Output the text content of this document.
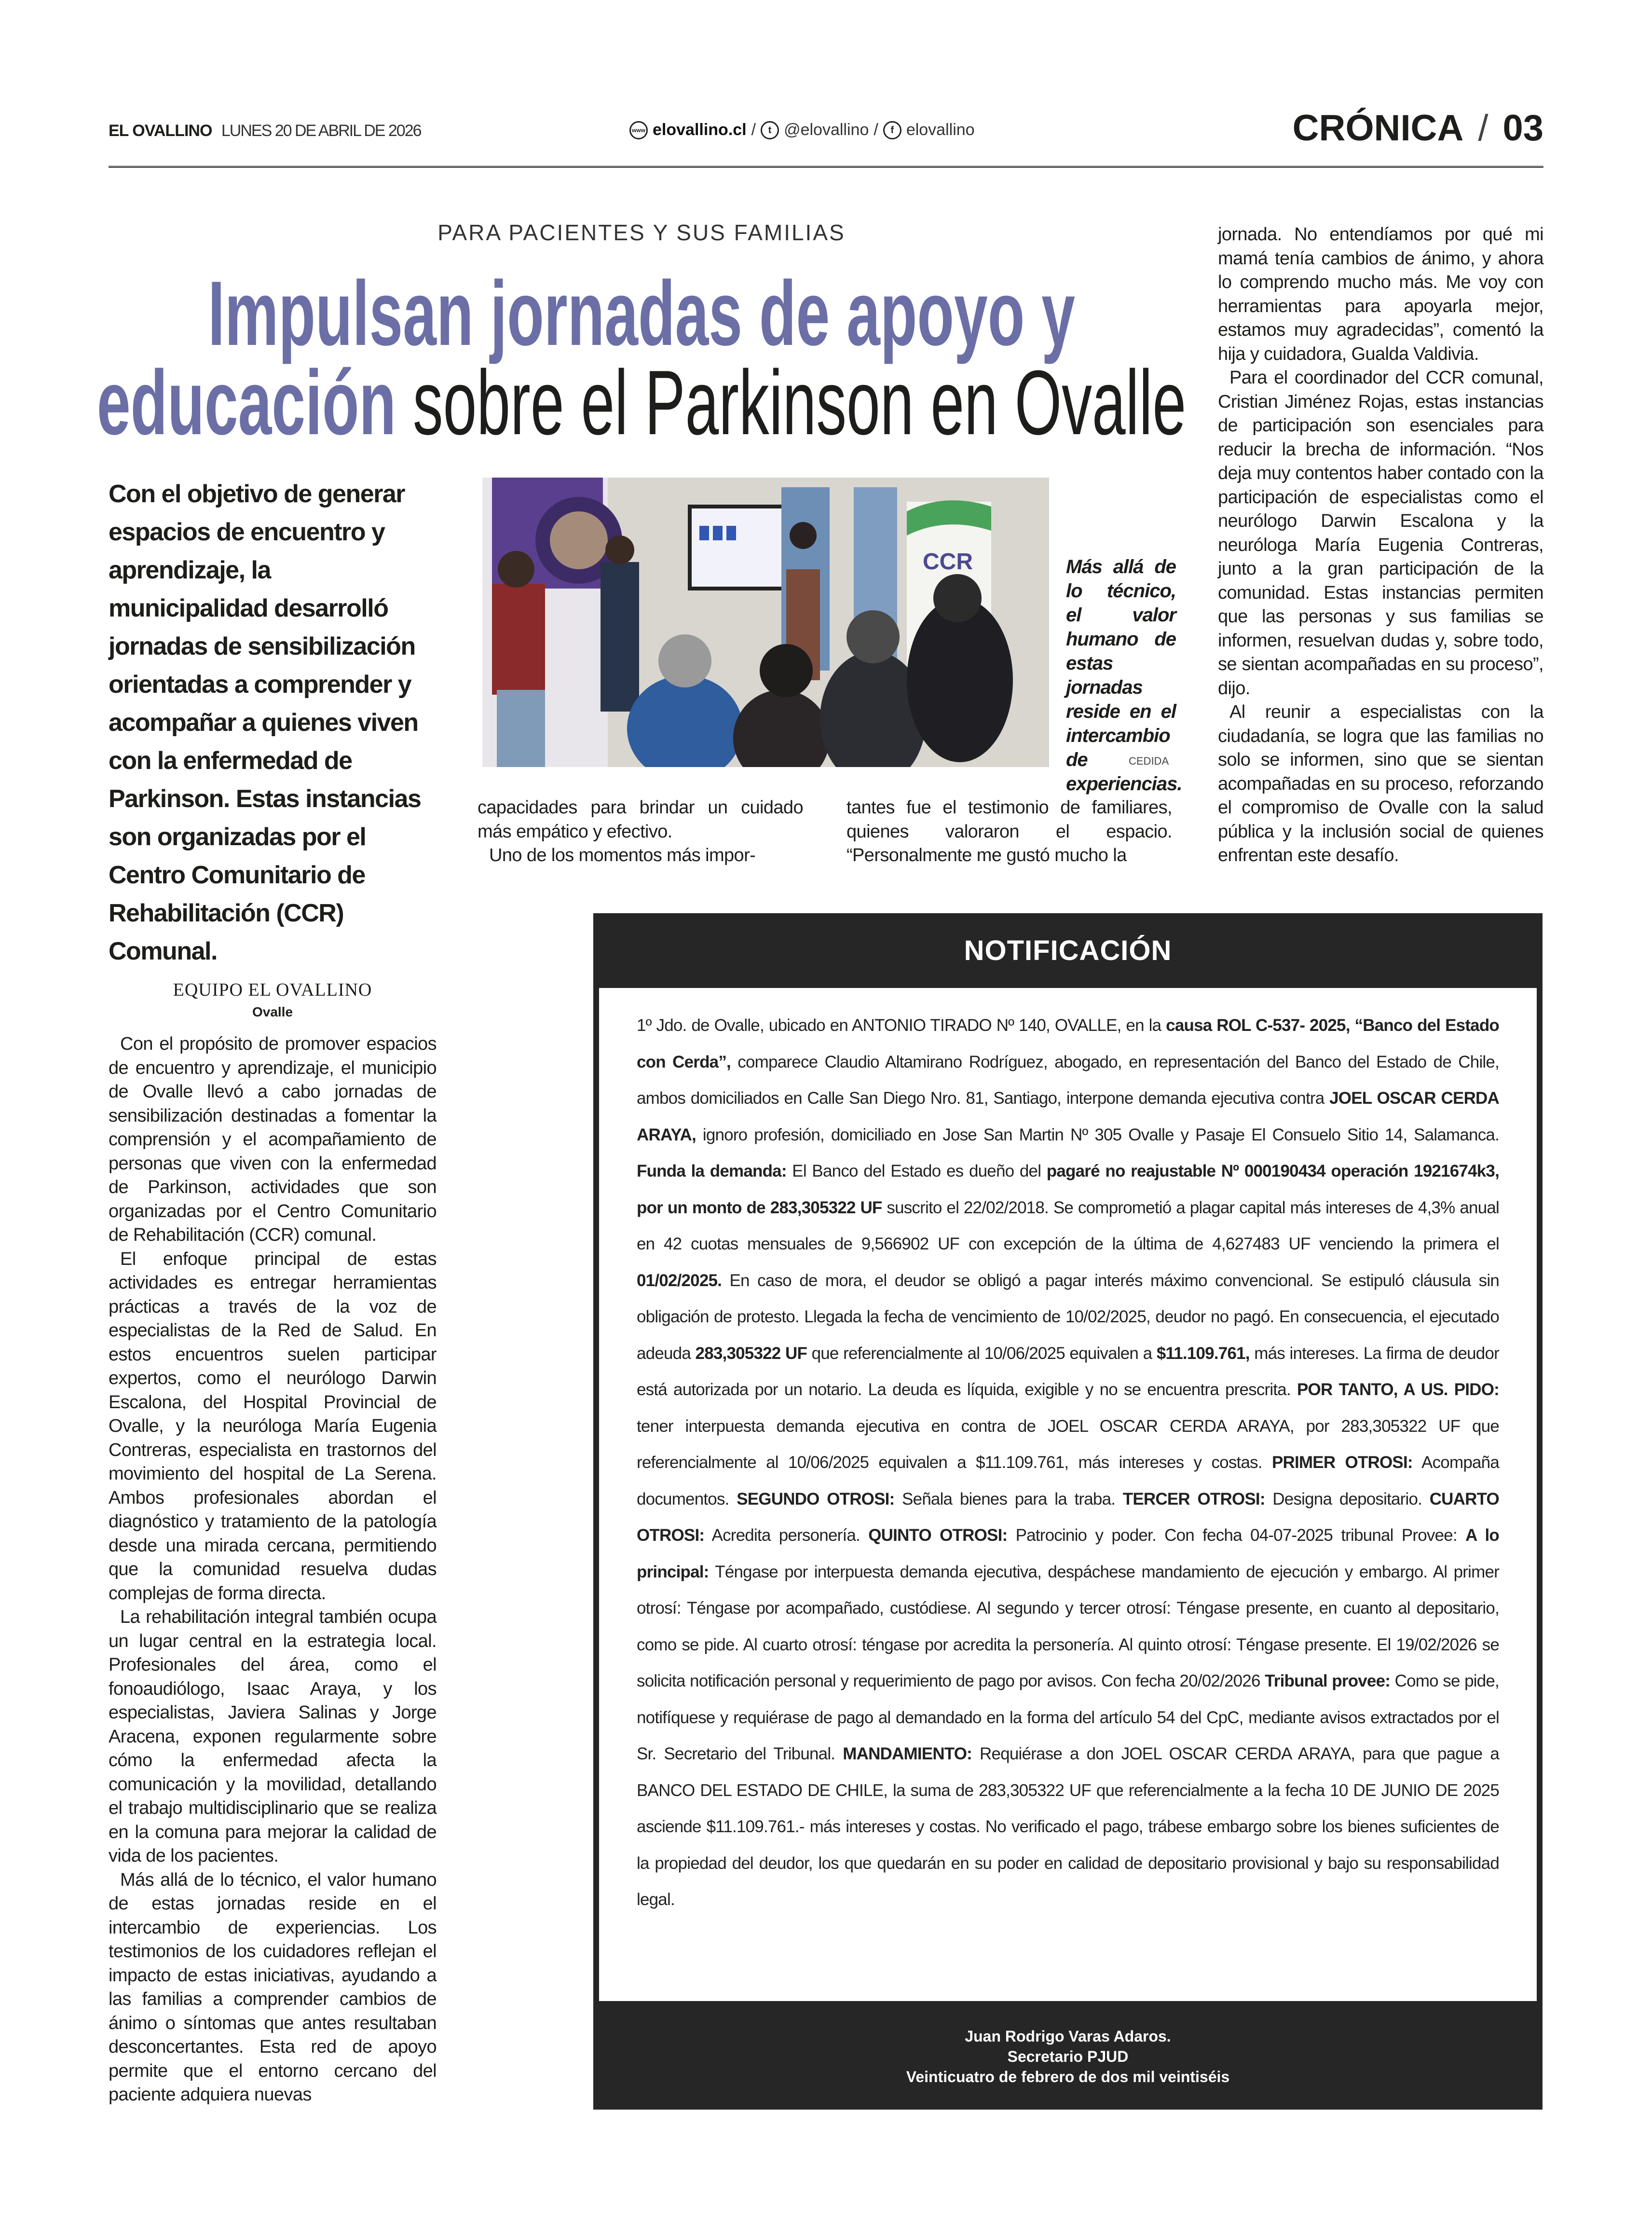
EL OVALLINO LUNES 20 DE ABRIL DE 2026	www elovallino.cl /	t @elovallino /	f elovallino	CRÓNICA / 03
PARA PACIENTES Y SUS FAMILIAS
Impulsan jornadas de apoyo y
educación sobre el Parkinson en Ovalle
Con el objetivo de generar espacios de encuentro y aprendizaje, la municipalidad desarrolló jornadas de sensibilización orientadas a comprender y acompañar a quienes viven con la enfermedad de Parkinson. Estas instancias son organizadas por el Centro Comunitario de Rehabilitación (CCR) Comunal.
CCR	Más allá de lo técnico, el valor humano de estas jornadas reside en el intercambio de experiencias.
CEDIDA

capacidades para brindar un cuidado más empático y efectivo.

Uno de los momentos más impor-

tantes fue el testimonio de familiares, quienes valoraron el espacio. “Personalmente me gustó mucho la

jornada. No entendíamos por qué mi mamá tenía cambios de ánimo, y ahora lo comprendo mucho más. Me voy con herramientas para apoyarla mejor, estamos muy agradecidas”, comentó la hija y cuidadora, Gualda Valdivia.

Para el coordinador del CCR comunal, Cristian Jiménez Rojas, estas instancias de participación son esenciales para reducir la brecha de información. “Nos deja muy contentos haber contado con la participación de especialistas como el neurólogo Darwin Escalona y la neuróloga María Eugenia Contreras, junto a la gran participación de la comunidad. Estas instancias permiten que las personas y sus familias se informen, resuelvan dudas y, sobre todo, se sientan acompañadas en su proceso”, dijo.

Al reunir a especialistas con la ciudadanía, se logra que las familias no solo se informen, sino que se sientan acompañadas en su proceso, reforzando el compromiso de Ovalle con la salud pública y la inclusión social de quienes enfrentan este desafío.

EQUIPO EL OVALLINO
Ovalle

Con el propósito de promover espacios de encuentro y aprendizaje, el municipio de Ovalle llevó a cabo jornadas de sensibilización destinadas a fomentar la comprensión y el acompañamiento de personas que viven con la enfermedad de Parkinson, actividades que son organizadas por el Centro Comunitario de Rehabilitación (CCR) comunal.

El enfoque principal de estas actividades es entregar herramientas prácticas a través de la voz de especialistas de la Red de Salud. En estos encuentros suelen participar expertos, como el neurólogo Darwin Escalona, del Hospital Provincial de Ovalle, y la neuróloga María Eugenia Contreras, especialista en trastornos del movimiento del hospital de La Serena. Ambos profesionales abordan el diagnóstico y tratamiento de la patología desde una mirada cercana, permitiendo que la comunidad resuelva dudas complejas de forma directa.

La rehabilitación integral también ocupa un lugar central en la estrategia local. Profesionales del área, como el fonoaudiólogo, Isaac Araya, y los especialistas, Javiera Salinas y Jorge Aracena, exponen regularmente sobre cómo la enfermedad afecta la comunicación y la movilidad, detallando el trabajo multidisciplinario que se realiza en la comuna para mejorar la calidad de vida de los pacientes.

Más allá de lo técnico, el valor humano de estas jornadas reside en el intercambio de experiencias. Los testimonios de los cuidadores reflejan el impacto de estas iniciativas, ayudando a las familias a comprender cambios de ánimo o síntomas que antes resultaban desconcertantes. Esta red de apoyo permite que el entorno cercano del paciente adquiera nuevas

NOTIFICACIÓN
1º Jdo. de Ovalle, ubicado en ANTONIO TIRADO Nº 140, OVALLE, en la causa ROL C-537- 2025, “Banco del Estado con Cerda”, comparece Claudio Altamirano Rodríguez, abogado, en representación del Banco del Estado de Chile, ambos domiciliados en Calle San Diego Nro. 81, Santiago, interpone demanda ejecutiva contra JOEL OSCAR CERDA ARAYA, ignoro profesión, domiciliado en Jose San Martin Nº 305 Ovalle y Pasaje El Consuelo Sitio 14, Salamanca. Funda la demanda: El Banco del Estado es dueño del pagaré no reajustable Nº 000190434 operación 1921674k3, por un monto de 283,305322 UF suscrito el 22/02/2018. Se comprometió a plagar capital más intereses de 4,3% anual en 42 cuotas mensuales de 9,566902 UF con excepción de la última de 4,627483 UF venciendo la primera el 01/02/2025. En caso de mora, el deudor se obligó a pagar interés máximo convencional. Se estipuló cláusula sin obligación de protesto. Llegada la fecha de vencimiento de 10/02/2025, deudor no pagó. En consecuencia, el ejecutado adeuda 283,305322 UF que referencialmente al 10/06/2025 equivalen a $11.109.761, más intereses. La firma de deudor está autorizada por un notario. La deuda es líquida, exigible y no se encuentra prescrita. POR TANTO, A US. PIDO: tener interpuesta demanda ejecutiva en contra de JOEL OSCAR CERDA ARAYA, por 283,305322 UF que referencialmente al 10/06/2025 equivalen a $11.109.761, más intereses y costas. PRIMER OTROSI: Acompaña documentos. SEGUNDO OTROSI: Señala bienes para la traba. TERCER OTROSI: Designa depositario. CUARTO OTROSI: Acredita personería. QUINTO OTROSI: Patrocinio y poder. Con fecha 04-07-2025 tribunal Provee: A lo principal: Téngase por interpuesta demanda ejecutiva, despáchese mandamiento de ejecución y embargo. Al primer otrosí: Téngase por acompañado, custódiese. Al segundo y tercer otrosí: Téngase presente, en cuanto al depositario, como se pide. Al cuarto otrosí: téngase por acredita la personería. Al quinto otrosí: Téngase presente. El 19/02/2026 se solicita notificación personal y requerimiento de pago por avisos. Con fecha 20/02/2026 Tribunal provee: Como se pide, notifíquese y requiérase de pago al demandado en la forma del artículo 54 del CpC, mediante avisos extractados por el Sr. Secretario del Tribunal. MANDAMIENTO: Requiérase a don JOEL OSCAR CERDA ARAYA, para que pague a BANCO DEL ESTADO DE CHILE, la suma de 283,305322 UF que referencialmente a la fecha 10 DE JUNIO DE 2025 asciende $11.109.761.- más intereses y costas. No verificado el pago, trábese embargo sobre los bienes suficientes de la propiedad del deudor, los que quedarán en su poder en calidad de depositario provisional y bajo su responsabilidad legal.
Juan Rodrigo Varas Adaros.
Secretario PJUD
Veinticuatro de febrero de dos mil veintiséis
